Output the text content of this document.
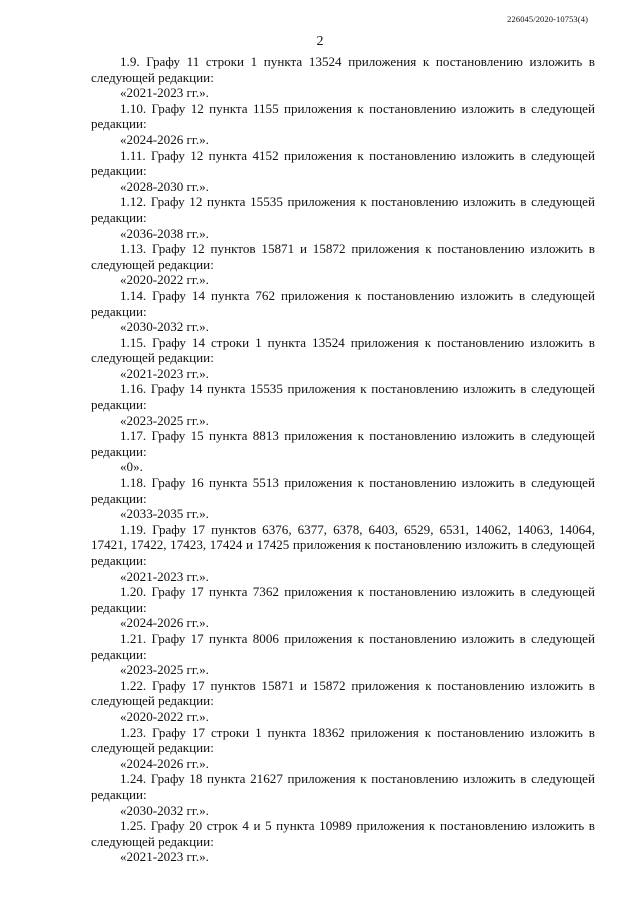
226045/2020-10753(4)
2

1.9. Графу 11 строки 1 пункта 13524 приложения к постановлению изложить в следующей редакции:

«2021-2023 гг.».

1.10. Графу 12 пункта 1155 приложения к постановлению изложить в следующей редакции:

«2024-2026 гг.».

1.11. Графу 12 пункта 4152 приложения к постановлению изложить в следующей редакции:

«2028-2030 гг.».

1.12. Графу 12 пункта 15535 приложения к постановлению изложить в следующей редакции:

«2036-2038 гг.».

1.13. Графу 12 пунктов 15871 и 15872 приложения к постановлению изложить в следующей редакции:

«2020-2022 гг.».

1.14. Графу 14 пункта 762 приложения к постановлению изложить в следующей редакции:

«2030-2032 гг.».

1.15. Графу 14 строки 1 пункта 13524 приложения к постановлению изложить в следующей редакции:

«2021-2023 гг.».

1.16. Графу 14 пункта 15535 приложения к постановлению изложить в следующей редакции:

«2023-2025 гг.».

1.17. Графу 15 пункта 8813 приложения к постановлению изложить в следующей редакции:

«0».

1.18. Графу 16 пункта 5513 приложения к постановлению изложить в следующей редакции:

«2033-2035 гг.».

1.19. Графу 17 пунктов 6376, 6377, 6378, 6403, 6529, 6531, 14062, 14063, 14064, 17421, 17422, 17423, 17424 и 17425 приложения к постановлению изложить в следующей редакции:

«2021-2023 гг.».

1.20. Графу 17 пункта 7362 приложения к постановлению изложить в следующей редакции:

«2024-2026 гг.».

1.21. Графу 17 пункта 8006 приложения к постановлению изложить в следующей редакции:

«2023-2025 гг.».

1.22. Графу 17 пунктов 15871 и 15872 приложения к постановлению изложить в следующей редакции:

«2020-2022 гг.».

1.23. Графу 17 строки 1 пункта 18362 приложения к постановлению изложить в следующей редакции:

«2024-2026 гг.».

1.24. Графу 18 пункта 21627 приложения к постановлению изложить в следующей редакции:

«2030-2032 гг.».

1.25. Графу 20 строк 4 и 5 пункта 10989 приложения к постановлению изложить в следующей редакции:

«2021-2023 гг.».
